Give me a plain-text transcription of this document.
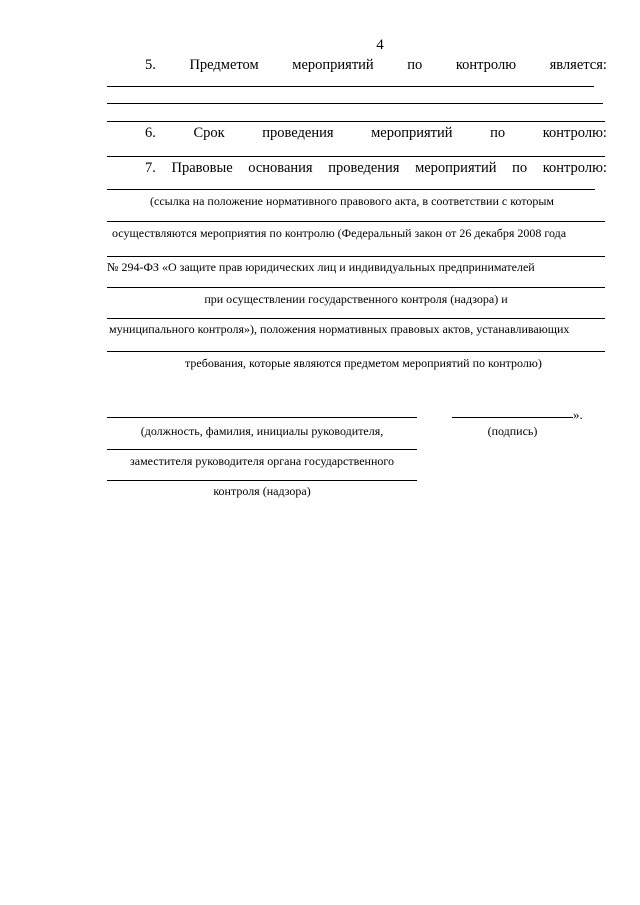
4
5. Предметом мероприятий по контролю является:
6.	Срок	проведения	мероприятий	по	контролю:
7. Правовые основания проведения мероприятий по контролю:
(ссылка на положение нормативного правового акта, в соответствии с которым
осуществляются мероприятия по контролю (Федеральный закон от 26 декабря 2008 года
№ 294-ФЗ «О защите прав юридических лиц и индивидуальных предпринимателей
при осуществлении государственного контроля (надзора) и
муниципального контроля»), положения нормативных правовых актов, устанавливающих
требования, которые являются предметом мероприятий по контролю)
».
(должность, фамилия, инициалы руководителя,	(подпись)
заместителя руководителя органа государственного
контроля (надзора)
